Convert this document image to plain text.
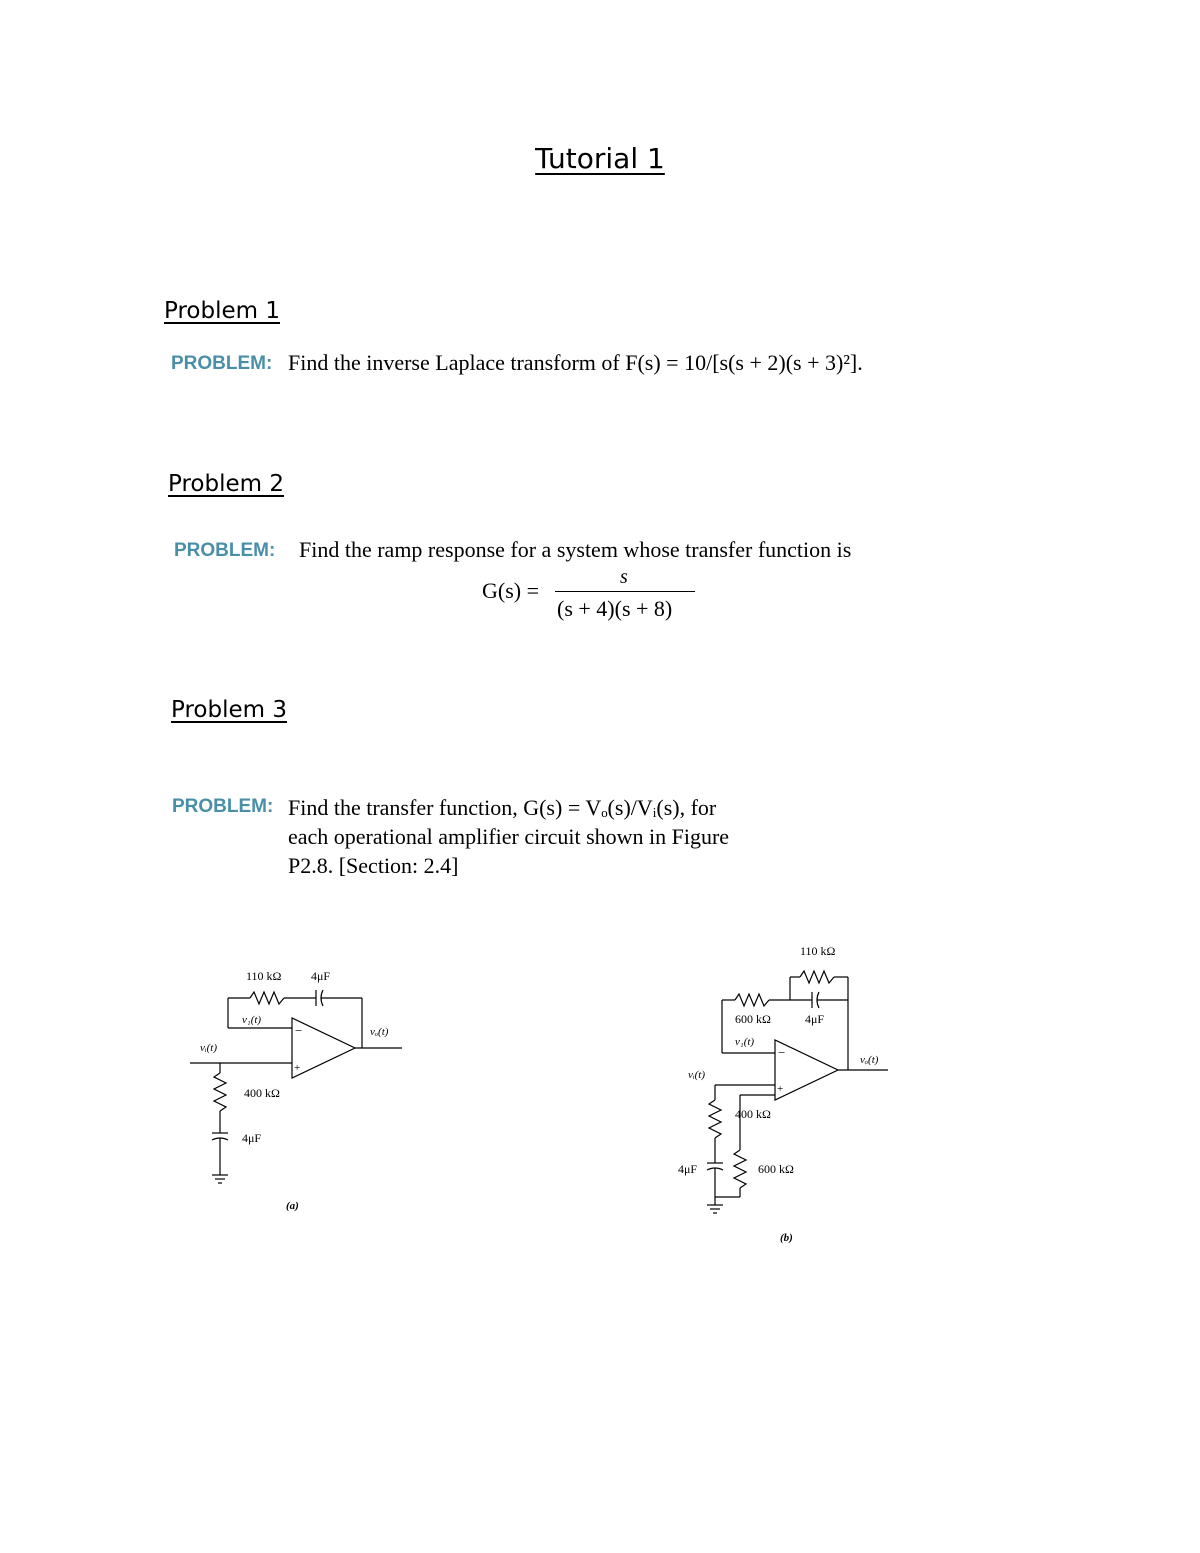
Tutorial 1
Problem 1
PROBLEM: Find the inverse Laplace transform of F(s) = 10/[s(s + 2)(s + 3)²].
Problem 2
PROBLEM: Find the ramp response for a system whose transfer function is
G(s) =
s
(s + 4)(s + 8)
Problem 3
PROBLEM: Find the transfer function, G(s) = Vₒ(s)/Vᵢ(s), for
each operational amplifier circuit shown in Figure
P2.8. [Section: 2.4]
−
+
110 kΩ 4μF
v₁(t)
vₒ(t)
vᵢ(t)
400 kΩ
4μF
(a)
−
+
110 kΩ
600 kΩ	4μF
v₁(t)
vₒ(t)
vᵢ(t)
400 kΩ
4μF	600 kΩ
(b)
